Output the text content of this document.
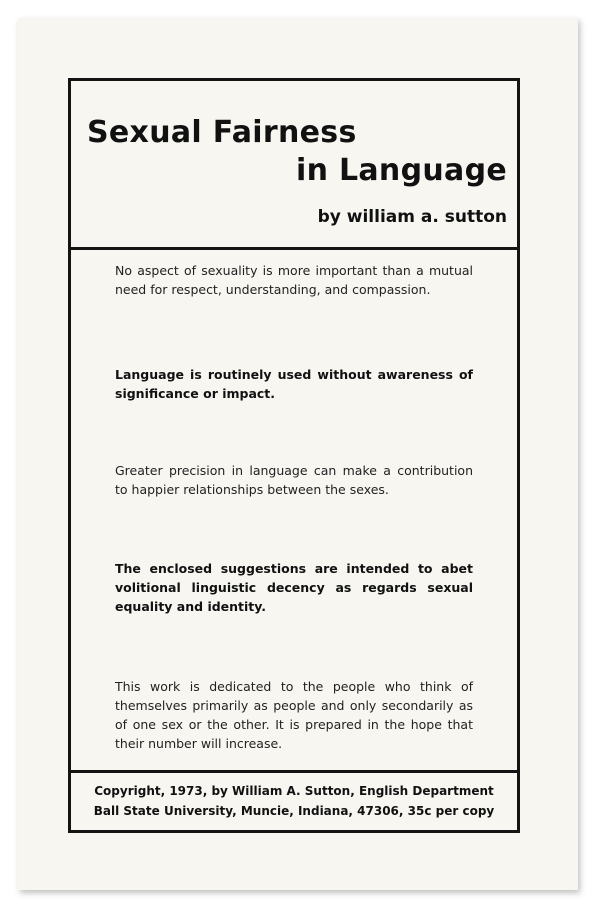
Sexual Fairness
in Language
by william a. sutton
No aspect of sexuality is more important than a mutual need for respect, understanding, and compassion.
Language is routinely used without awareness of significance or impact.
Greater precision in language can make a contribution to happier relationships between the sexes.
The enclosed suggestions are intended to abet volitional linguistic decency as regards sexual equality and identity.
This work is dedicated to the people who think of themselves primarily as people and only secondarily as of one sex or the other. It is prepared in the hope that their number will increase.
Copyright, 1973, by William A. Sutton, English Department
Ball State University, Muncie, Indiana, 47306, 35c per copy
